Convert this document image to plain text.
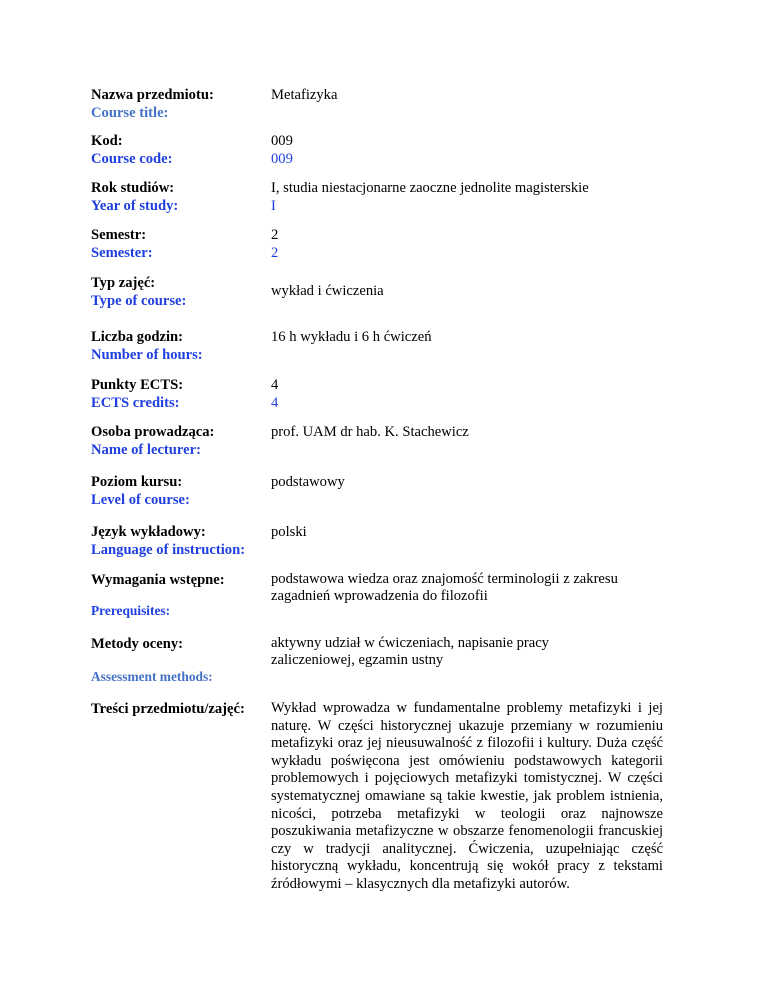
Nazwa przedmiotu:
Course title:
Metafizyka
Kod:
Course code:
009
009
Rok studiów:
Year of study:
I, studia niestacjonarne zaoczne jednolite magisterskie
I
Semestr:
Semester:
2
2
Typ zajęć:
Type of course:
wykład i ćwiczenia
Liczba godzin:
Number of hours:
16 h wykładu i 6 h ćwiczeń
Punkty ECTS:
ECTS credits:
4
4
Osoba prowadząca:
Name of lecturer:
prof. UAM dr hab. K. Stachewicz
Poziom kursu:
Level of course:
podstawowy
Język wykładowy:
Language of instruction:
polski
Wymagania wstępne:
Prerequisites:
podstawowa wiedza oraz znajomość terminologii z zakresu zagadnień wprowadzenia do filozofii
Metody oceny:
Assessment methods:
aktywny udział w ćwiczeniach, napisanie pracy zaliczeniowej, egzamin ustny
Treści przedmiotu/zajęć:	Wykład wprowadza w fundamentalne problemy metafizyki i jej naturę. W części historycznej ukazuje przemiany w rozumieniu metafizyki oraz jej nieusuwalność z filozofii i kultury. Duża część wykładu poświęcona jest omówieniu podstawowych kategorii problemowych i pojęciowych metafizyki tomistycznej. W części systematycznej omawiane są takie kwestie, jak problem istnienia, nicości, potrzeba metafizyki w teologii oraz najnowsze poszukiwania metafizyczne w obszarze fenomenologii francuskiej czy w tradycji analitycznej. Ćwiczenia, uzupełniając część historyczną wykładu, koncentrują się wokół pracy z tekstami źródłowymi – klasycznych dla metafizyki autorów.
